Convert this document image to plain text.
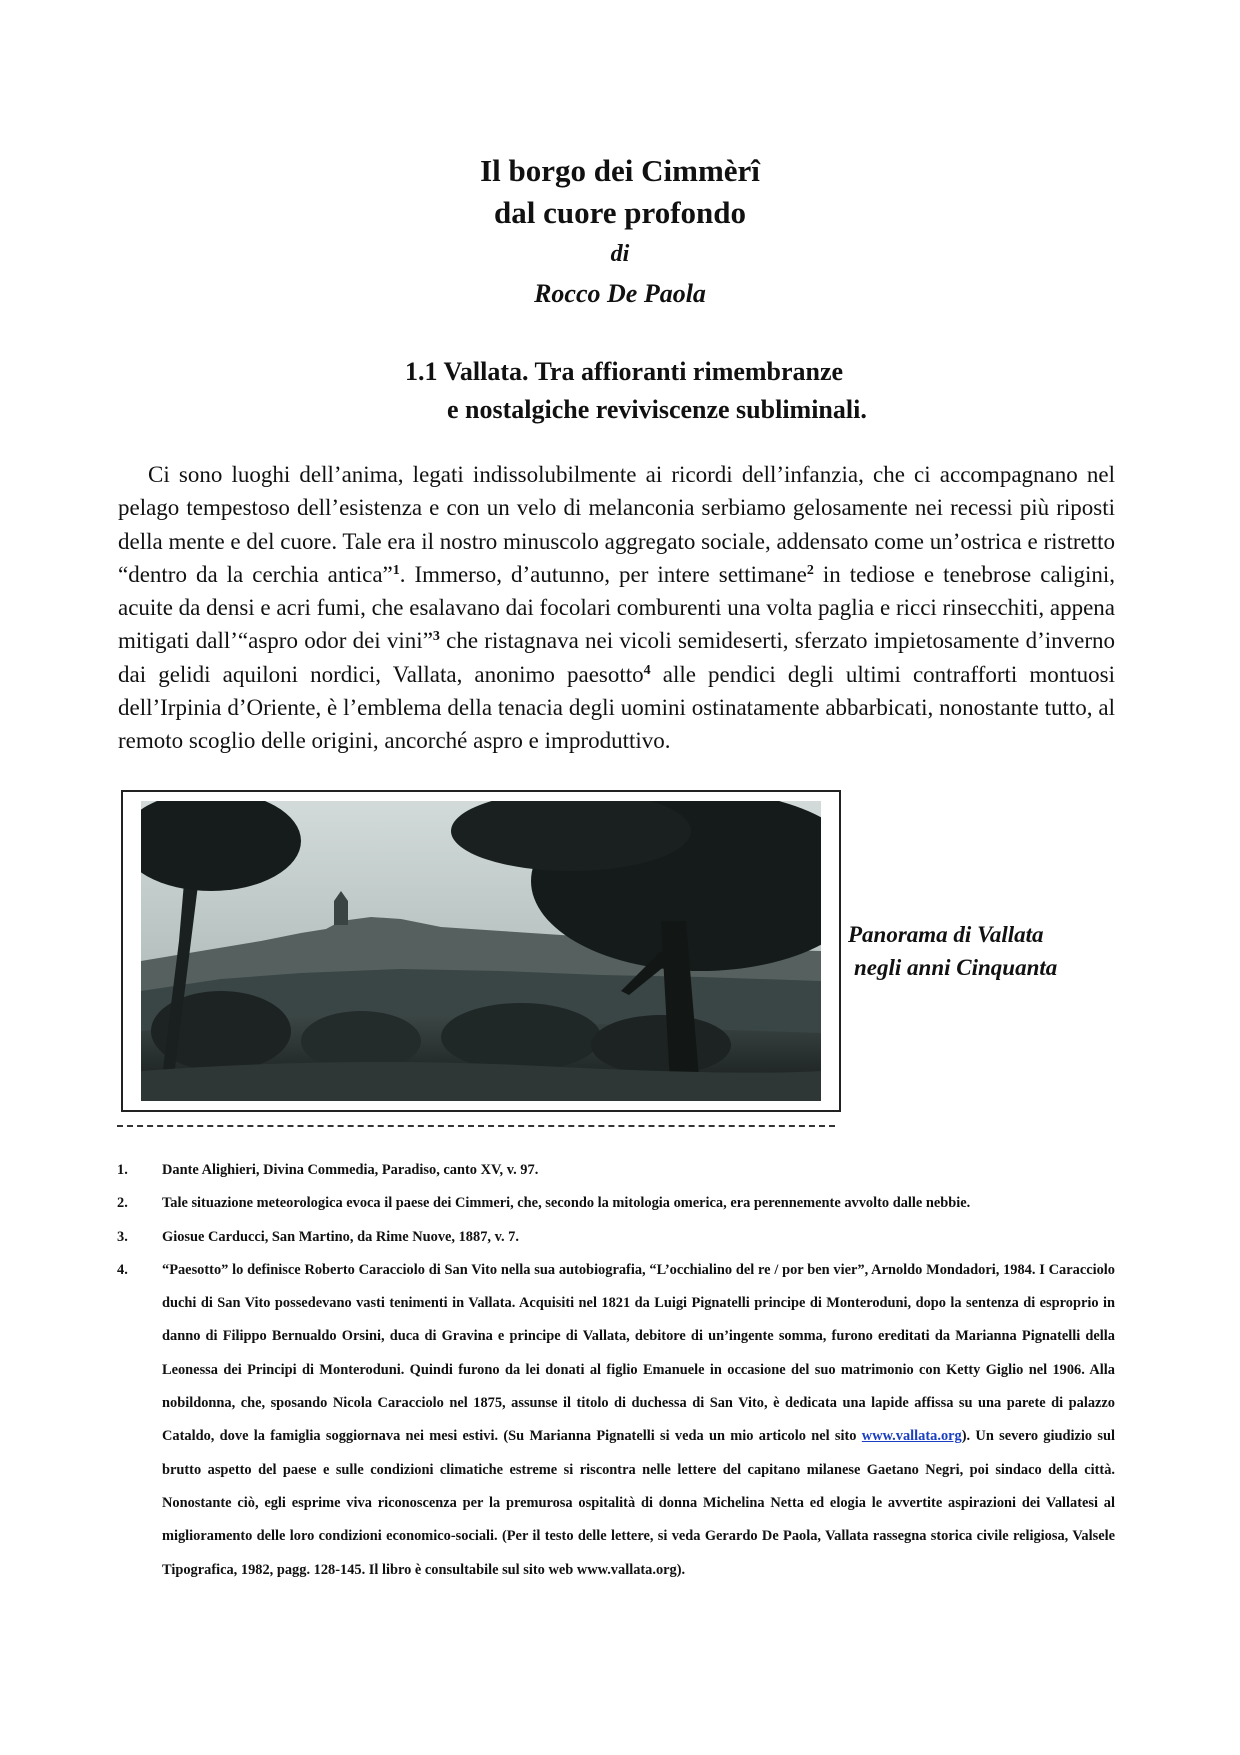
Il borgo dei Cimmèrî

dal cuore profondo

di

Rocco De Paola

1.1 Vallata. Tra affioranti rimembranze
e nostalgiche reviviscenze subliminali.

Ci sono luoghi dell’anima, legati indissolubilmente ai ricordi dell’infanzia, che ci accompagnano nel pelago tempestoso dell’esistenza e con un velo di melanconia serbiamo gelosamente nei recessi più riposti della mente e del cuore. Tale era il nostro minuscolo aggregato sociale, addensato come un’ostrica e ristretto “dentro da la cerchia antica”$^1$. Immerso, d’autunno, per intere settimane$^2$ in tediose e tenebrose caligini, acuite da densi e acri fumi, che esalavano dai focolari comburenti una volta paglia e ricci rinsecchiti, appena mitigati dall’“aspro odor dei vini”$^3$ che ristagnava nei vicoli semideserti, sferzato impietosamente d’inverno dai gelidi aquiloni nordici, Vallata, anonimo paesotto$^4$ alle pendici degli ultimi contrafforti montuosi dell’Irpinia d’Oriente, è l’emblema della tenacia degli uomini ostinatamente abbarbicati, nonostante tutto, al remoto scoglio delle origini, ancorché aspro e improduttivo.

Panorama di Vallata
negli anni Cinquanta

1. Dante Alighieri, Divina Commedia, Paradiso, canto XV, v. 97.
2. Tale situazione meteorologica evoca il paese dei Cimmeri, che, secondo la mitologia omerica, era perennemente avvolto dalle nebbie.
3. Giosue Carducci, San Martino, da Rime Nuove, 1887, v. 7.
4. “Paesotto” lo definisce Roberto Caracciolo di San Vito nella sua autobiografia, “L’occhialino del re / por ben vier”, Arnoldo Mondadori, 1984. I Caracciolo duchi di San Vito possedevano vasti tenimenti in Vallata. Acquisiti nel 1821 da Luigi Pignatelli principe di Monteroduni, dopo la sentenza di esproprio in danno di Filippo Bernualdo Orsini, duca di Gravina e principe di Vallata, debitore di un’ingente somma, furono ereditati da Marianna Pignatelli della Leonessa dei Principi di Monteroduni. Quindi furono da lei donati al figlio Emanuele in occasione del suo matrimonio con Ketty Giglio nel 1906. Alla nobildonna, che, sposando Nicola Caracciolo nel 1875, assunse il titolo di duchessa di San Vito, è dedicata una lapide affissa su una parete di palazzo Cataldo, dove la famiglia soggiornava nei mesi estivi. (Su Marianna Pignatelli si veda un mio articolo nel sito www.vallata.org). Un severo giudizio sul brutto aspetto del paese e sulle condizioni climatiche estreme si riscontra nelle lettere del capitano milanese Gaetano Negri, poi sindaco della città. Nonostante ciò, egli esprime viva riconoscenza per la premurosa ospitalità di donna Michelina Netta ed elogia le avvertite aspirazioni dei Vallatesi al miglioramento delle loro condizioni economico-sociali. (Per il testo delle lettere, si veda Gerardo De Paola, Vallata rassegna storica civile religiosa, Valsele Tipografica, 1982, pagg. 128-145. Il libro è consultabile sul sito web www.vallata.org).
